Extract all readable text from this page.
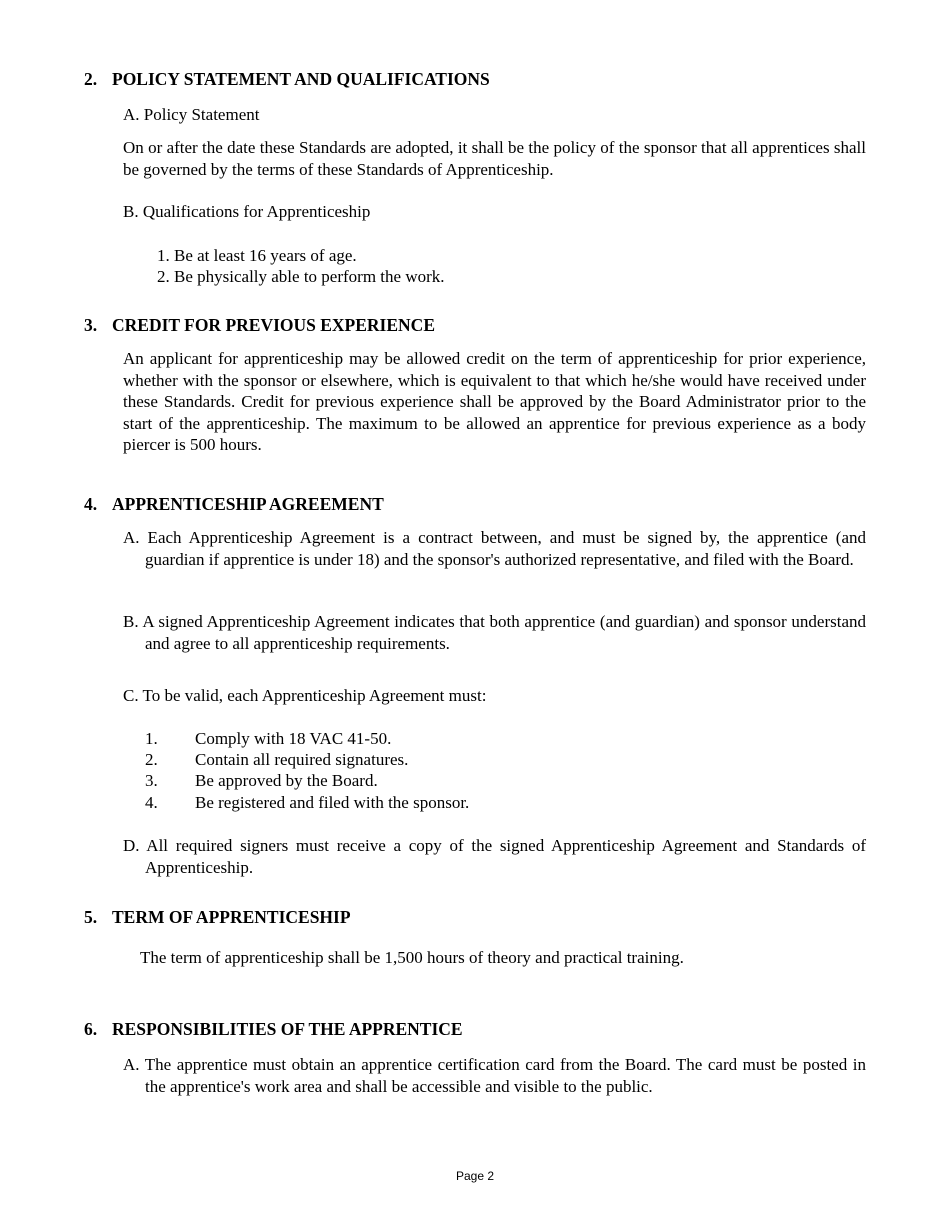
2. POLICY STATEMENT AND QUALIFICATIONS
A. Policy Statement
On or after the date these Standards are adopted, it shall be the policy of the sponsor that all apprentices shall be governed by the terms of these Standards of Apprenticeship.
B. Qualifications for Apprenticeship
1. Be at least 16 years of age.
2. Be physically able to perform the work.
3. CREDIT FOR PREVIOUS EXPERIENCE
An applicant for apprenticeship may be allowed credit on the term of apprenticeship for prior experience, whether with the sponsor or elsewhere, which is equivalent to that which he/she would have received under these Standards. Credit for previous experience shall be approved by the Board Administrator prior to the start of the apprenticeship. The maximum to be allowed an apprentice for previous experience as a body piercer is 500 hours.
4. APPRENTICESHIP AGREEMENT
A. Each Apprenticeship Agreement is a contract between, and must be signed by, the apprentice (and guardian if apprentice is under 18) and the sponsor's authorized representative, and filed with the Board.
B. A signed Apprenticeship Agreement indicates that both apprentice (and guardian) and sponsor understand and agree to all apprenticeship requirements.
C. To be valid, each Apprenticeship Agreement must:
1. Comply with 18 VAC 41-50.
2. Contain all required signatures.
3. Be approved by the Board.
4. Be registered and filed with the sponsor.
D. All required signers must receive a copy of the signed Apprenticeship Agreement and Standards of Apprenticeship.
5. TERM OF APPRENTICESHIP
The term of apprenticeship shall be 1,500 hours of theory and practical training.
6. RESPONSIBILITIES OF THE APPRENTICE
A. The apprentice must obtain an apprentice certification card from the Board. The card must be posted in the apprentice's work area and shall be accessible and visible to the public.
Page 2
